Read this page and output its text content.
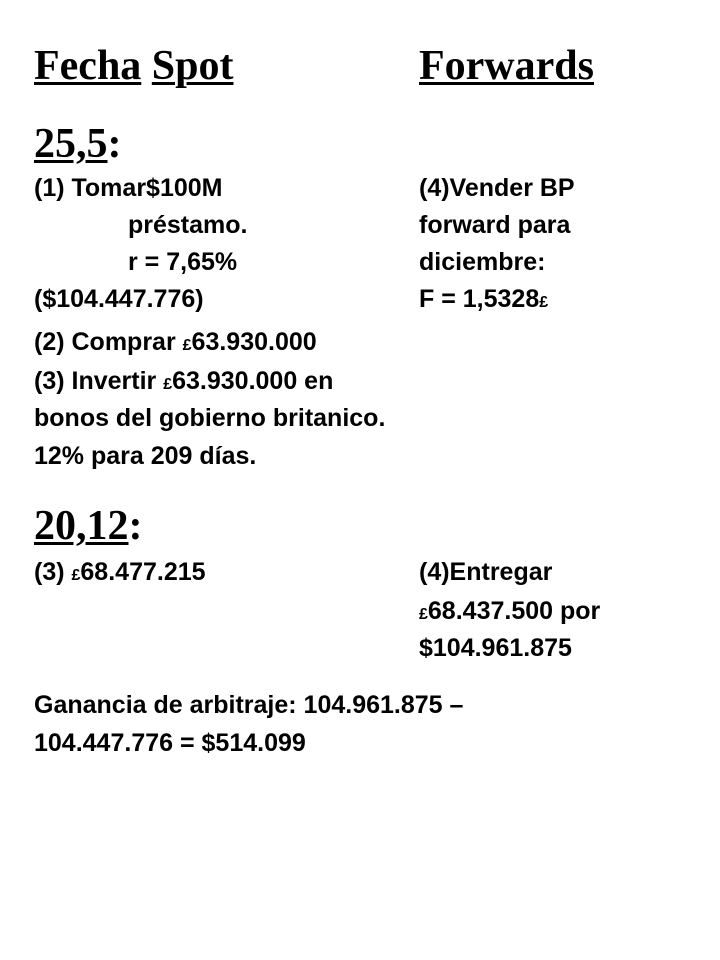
Fecha Spot	Forwards
25,5:
(1) Tomar$100M
préstamo.
r = 7,65%
($104.447.776)
(4)Vender BP
forward para
diciembre:
F = 1,5328£
(2) Comprar £63.930.000
(3) Invertir £63.930.000 en
bonos del gobierno britanico.
12% para 209 días.
20,12:
(3) £68.477.215	(4)Entregar
£68.437.500 por
$104.961.875
Ganancia de arbitraje: 104.961.875 –
104.447.776 = $514.099
